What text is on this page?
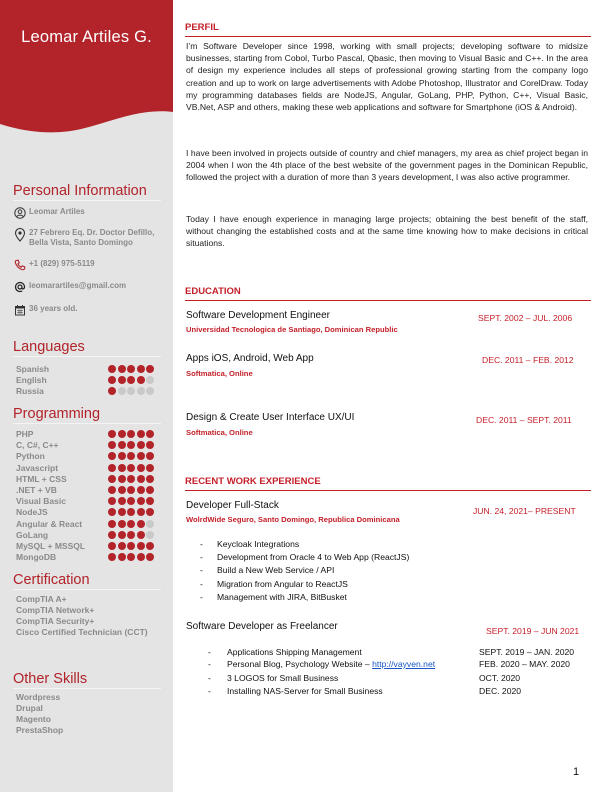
Leomar Artiles G.
Personal Information
Leomar Artiles
27 Febrero Eq. Dr. Doctor Defillo, Bella Vista, Santo Domingo
+1 (829) 975-5119
leomarartiles@gmail.com
36 years old.
Languages
Spanish
English
Russia
Programming
PHP
C, C#, C++
Python
Javascript
HTML + CSS
.NET + VB
Visual Basic
NodeJS
Angular & React
GoLang
MySQL + MSSQL
MongoDB
Certification
CompTIA A+
CompTIA Network+
CompTIA Security+
Cisco Certified Technician (CCT)
Other Skills
Wordpress
Drupal
Magento
PrestaShop
PERFIL
I’m Software Developer since 1998, working with small projects; developing software to midsize businesses, starting from Cobol, Turbo Pascal, Qbasic, then moving to Visual Basic and C++. In the area of design my experience includes all steps of professional growing starting from the company logo creation and up to work on large advertisements with Adobe Photoshop, Illustrator and CorelDraw. Today my programming databases fields are NodeJS, Angular, GoLang, PHP, Python, C++, Visual Basic, VB.Net, ASP and others, making these web applications and software for Smartphone (iOS & Android).
I have been involved in projects outside of country and chief managers, my area as chief project began in 2004 when I won the 4th place of the best website of the government pages in the Dominican Republic, followed the project with a duration of more than 3 years development, I was also active programmer.
Today I have enough experience in managing large projects; obtaining the best benefit of the staff, without changing the established costs and at the same time knowing how to make decisions in critical situations.
EDUCATION
Software Development Engineer
Universidad Tecnologica de Santiago, Dominican Republic
SEPT. 2002 – JUL. 2006
Apps iOS, Android, Web App
Softmatica, Online
DEC. 2011 – FEB. 2012
Design & Create User Interface UX/UI
Softmatica, Online
DEC. 2011 – SEPT. 2011
RECENT WORK EXPERIENCE
Developer Full-Stack
WolrdWide Seguro, Santo Domingo, Republica Dominicana
JUN. 24, 2021– PRESENT
- Keycloak Integrations
- Development from Oracle 4 to Web App (ReactJS)
- Build a New Web Service / API
- Migration from Angular to ReactJS
- Management with JIRA, BitBusket
Software Developer as Freelancer	SEPT. 2019 – JUN 2021
- Applications Shipping Management	SEPT. 2019 – JAN. 2020
- Personal Blog, Psychology Website – http://vayven.net	FEB. 2020 – MAY. 2020
- 3 LOGOS for Small Business	OCT. 2020
- Installing NAS-Server for Small Business	DEC. 2020
1
